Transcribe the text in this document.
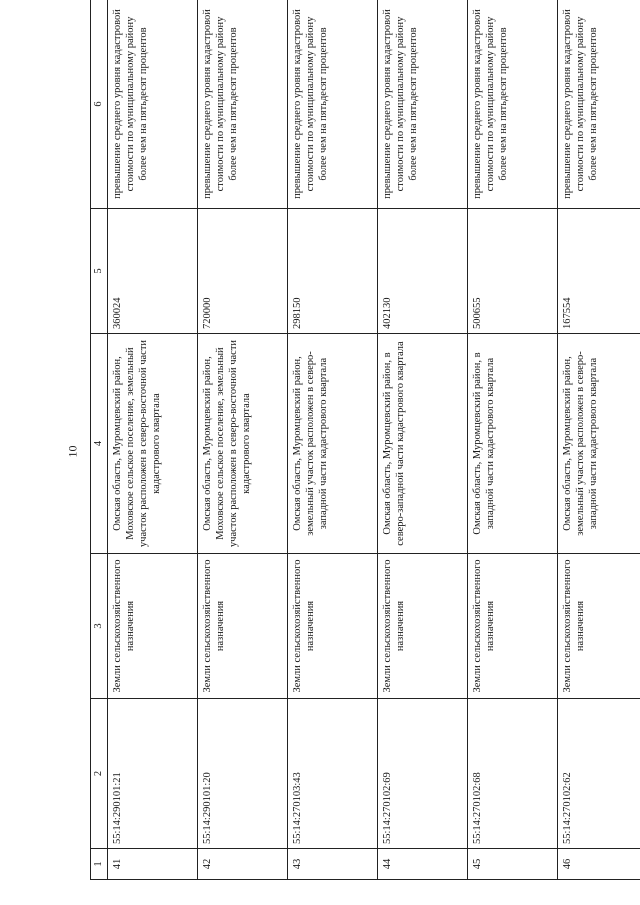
10
1	2	3	4	5	6
41	55:14:290101:21	Земли сельскохозяйственного назначения	Омская область, Муромцевский район, Моховское сельское поселение, земельный участок расположен в северо-восточной части кадастрового квартала	360024	превышение среднего уровня кадастровой стоимости по муниципальному району более чем на пятьдесят процентов
42	55:14:290101:20	Земли сельскохозяйственного назначения	Омская область, Муромцевский район, Моховское сельское поселение, земельный участок расположен в северо-восточной части кадастрового квартала	720000	превышение среднего уровня кадастровой стоимости по муниципальному району более чем на пятьдесят процентов
43	55:14:270103:43	Земли сельскохозяйственного назначения	Омская область, Муромцевский район, земельный участок расположен в северо-западной части кадастрового квартала	298150	превышение среднего уровня кадастровой стоимости по муниципальному району более чем на пятьдесят процентов
44	55:14:270102:69	Земли сельскохозяйственного назначения	Омская область, Муромцевский район, в северо-западной части кадастрового квартала	402130	превышение среднего уровня кадастровой стоимости по муниципальному району более чем на пятьдесят процентов
45	55:14:270102:68	Земли сельскохозяйственного назначения	Омская область, Муромцевский район, в западной части кадастрового квартала	500655	превышение среднего уровня кадастровой стоимости по муниципальному району более чем на пятьдесят процентов
46	55:14:270102:62	Земли сельскохозяйственного назначения	Омская область, Муромцевский район, земельный участок расположен в северо-западной части кадастрового квартала	167554	превышение среднего уровня кадастровой стоимости по муниципальному району более чем на пятьдесят процентов
